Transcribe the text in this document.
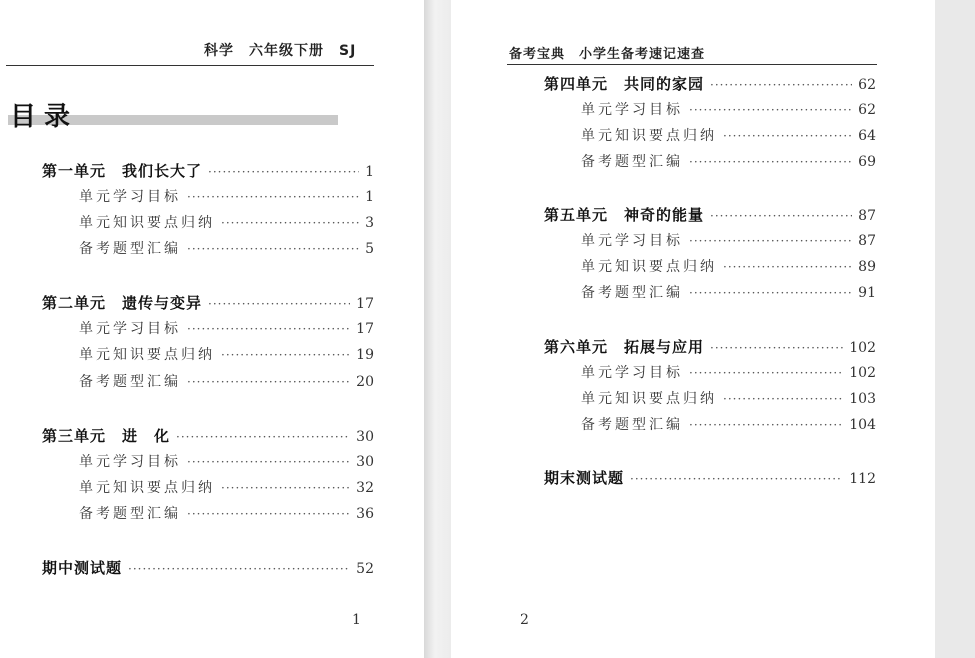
科学　六年级下册　SJ
目录
第一单元　我们长大了 ·····	1
单元学习目标 ·····	1
单元知识要点归纳 ·····	3
备考题型汇编 ·····	5
第二单元　遗传与变异 ·····	17
单元学习目标 ·····	17
单元知识要点归纳 ·····	19
备考题型汇编 ·····	20
第三单元　进　化 ·····	30
单元学习目标 ·····	30
单元知识要点归纳 ·····	32
备考题型汇编 ·····	36
期中测试题 ·····	52
1
备考宝典　小学生备考速记速查
第四单元　共同的家园 ·····	62
单元学习目标 ·····	62
单元知识要点归纳 ·····	64
备考题型汇编 ·····	69
第五单元　神奇的能量 ·····	87
单元学习目标 ·····	87
单元知识要点归纳 ·····	89
备考题型汇编 ·····	91
第六单元　拓展与应用 ·····	102
单元学习目标 ·····	102
单元知识要点归纳 ·····	103
备考题型汇编 ·····	104
期末测试题 ·····	112
2
